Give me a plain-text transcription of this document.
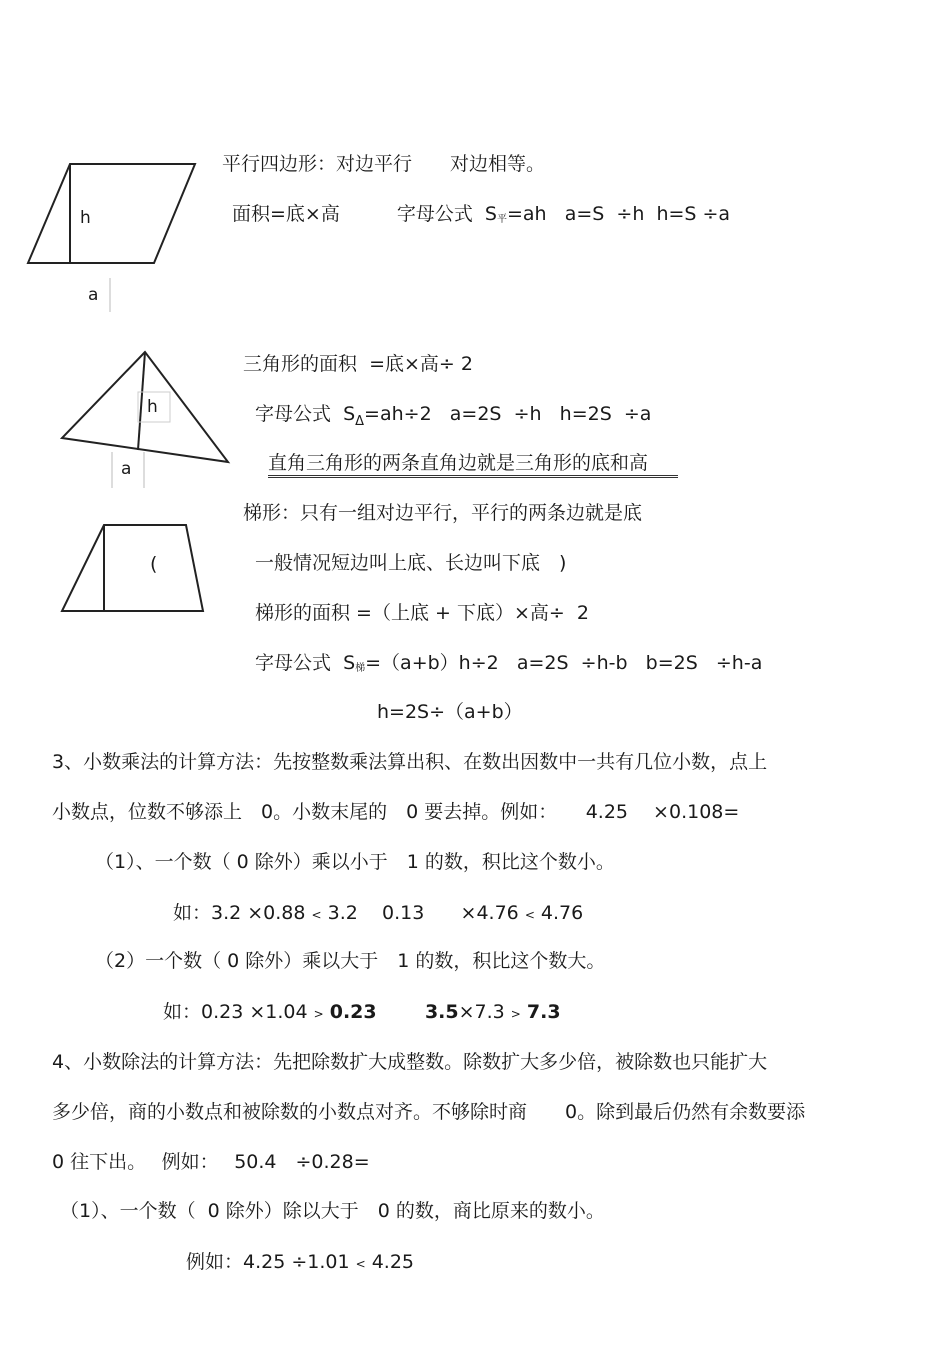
h
a
h
a
(
平行四边形：对边平行　　对边相等。
面积=底×高　　　字母公式  $S_平=ah$   a=S  ÷h  h=S ÷a
三角形的面积  =底×高÷ 2
字母公式  $S_\Delta=ah\div 2$   a=2S  ÷h   h=2S  ÷a
直角三角形的两条直角边就是三角形的底和高
梯形：只有一组对边平行，平行的两条边就是底
一般情况短边叫上底、长边叫下底　)
梯形的面积 =（上底 + 下底）×高÷  2
字母公式  $S_梯=(a+b)h\div 2$   a=2S  ÷h-b   b=2S   ÷h-a
h=2S÷（a+b）
3、小数乘法的计算方法：先按整数乘法算出积、在数出因数中一共有几位小数，点上
小数点，位数不够添上　0。小数末尾的　0 要去掉。例如：　　4.25　 ×0.108=
（1）、一个数（ 0 除外）乘以小于　1 的数，积比这个数小。
如：3.2 ×0.88 < 3.2    0.13      ×4.76 < 4.76
（2）一个数（ 0 除外）乘以大于　1 的数，积比这个数大。
如：0.23 ×1.04 > 0.23	3.5×7.3 > 7.3
4、小数除法的计算方法：先把除数扩大成整数。除数扩大多少倍，被除数也只能扩大
多少倍，商的小数点和被除数的小数点对齐。不够除时商　　0。除到最后仍然有余数要添
0 往下出。　 例如：　 50.4　÷0.28=
（1）、一个数（  0 除外）除以大于　0 的数，商比原来的数小。
例如：4.25 ÷1.01 < 4.25
